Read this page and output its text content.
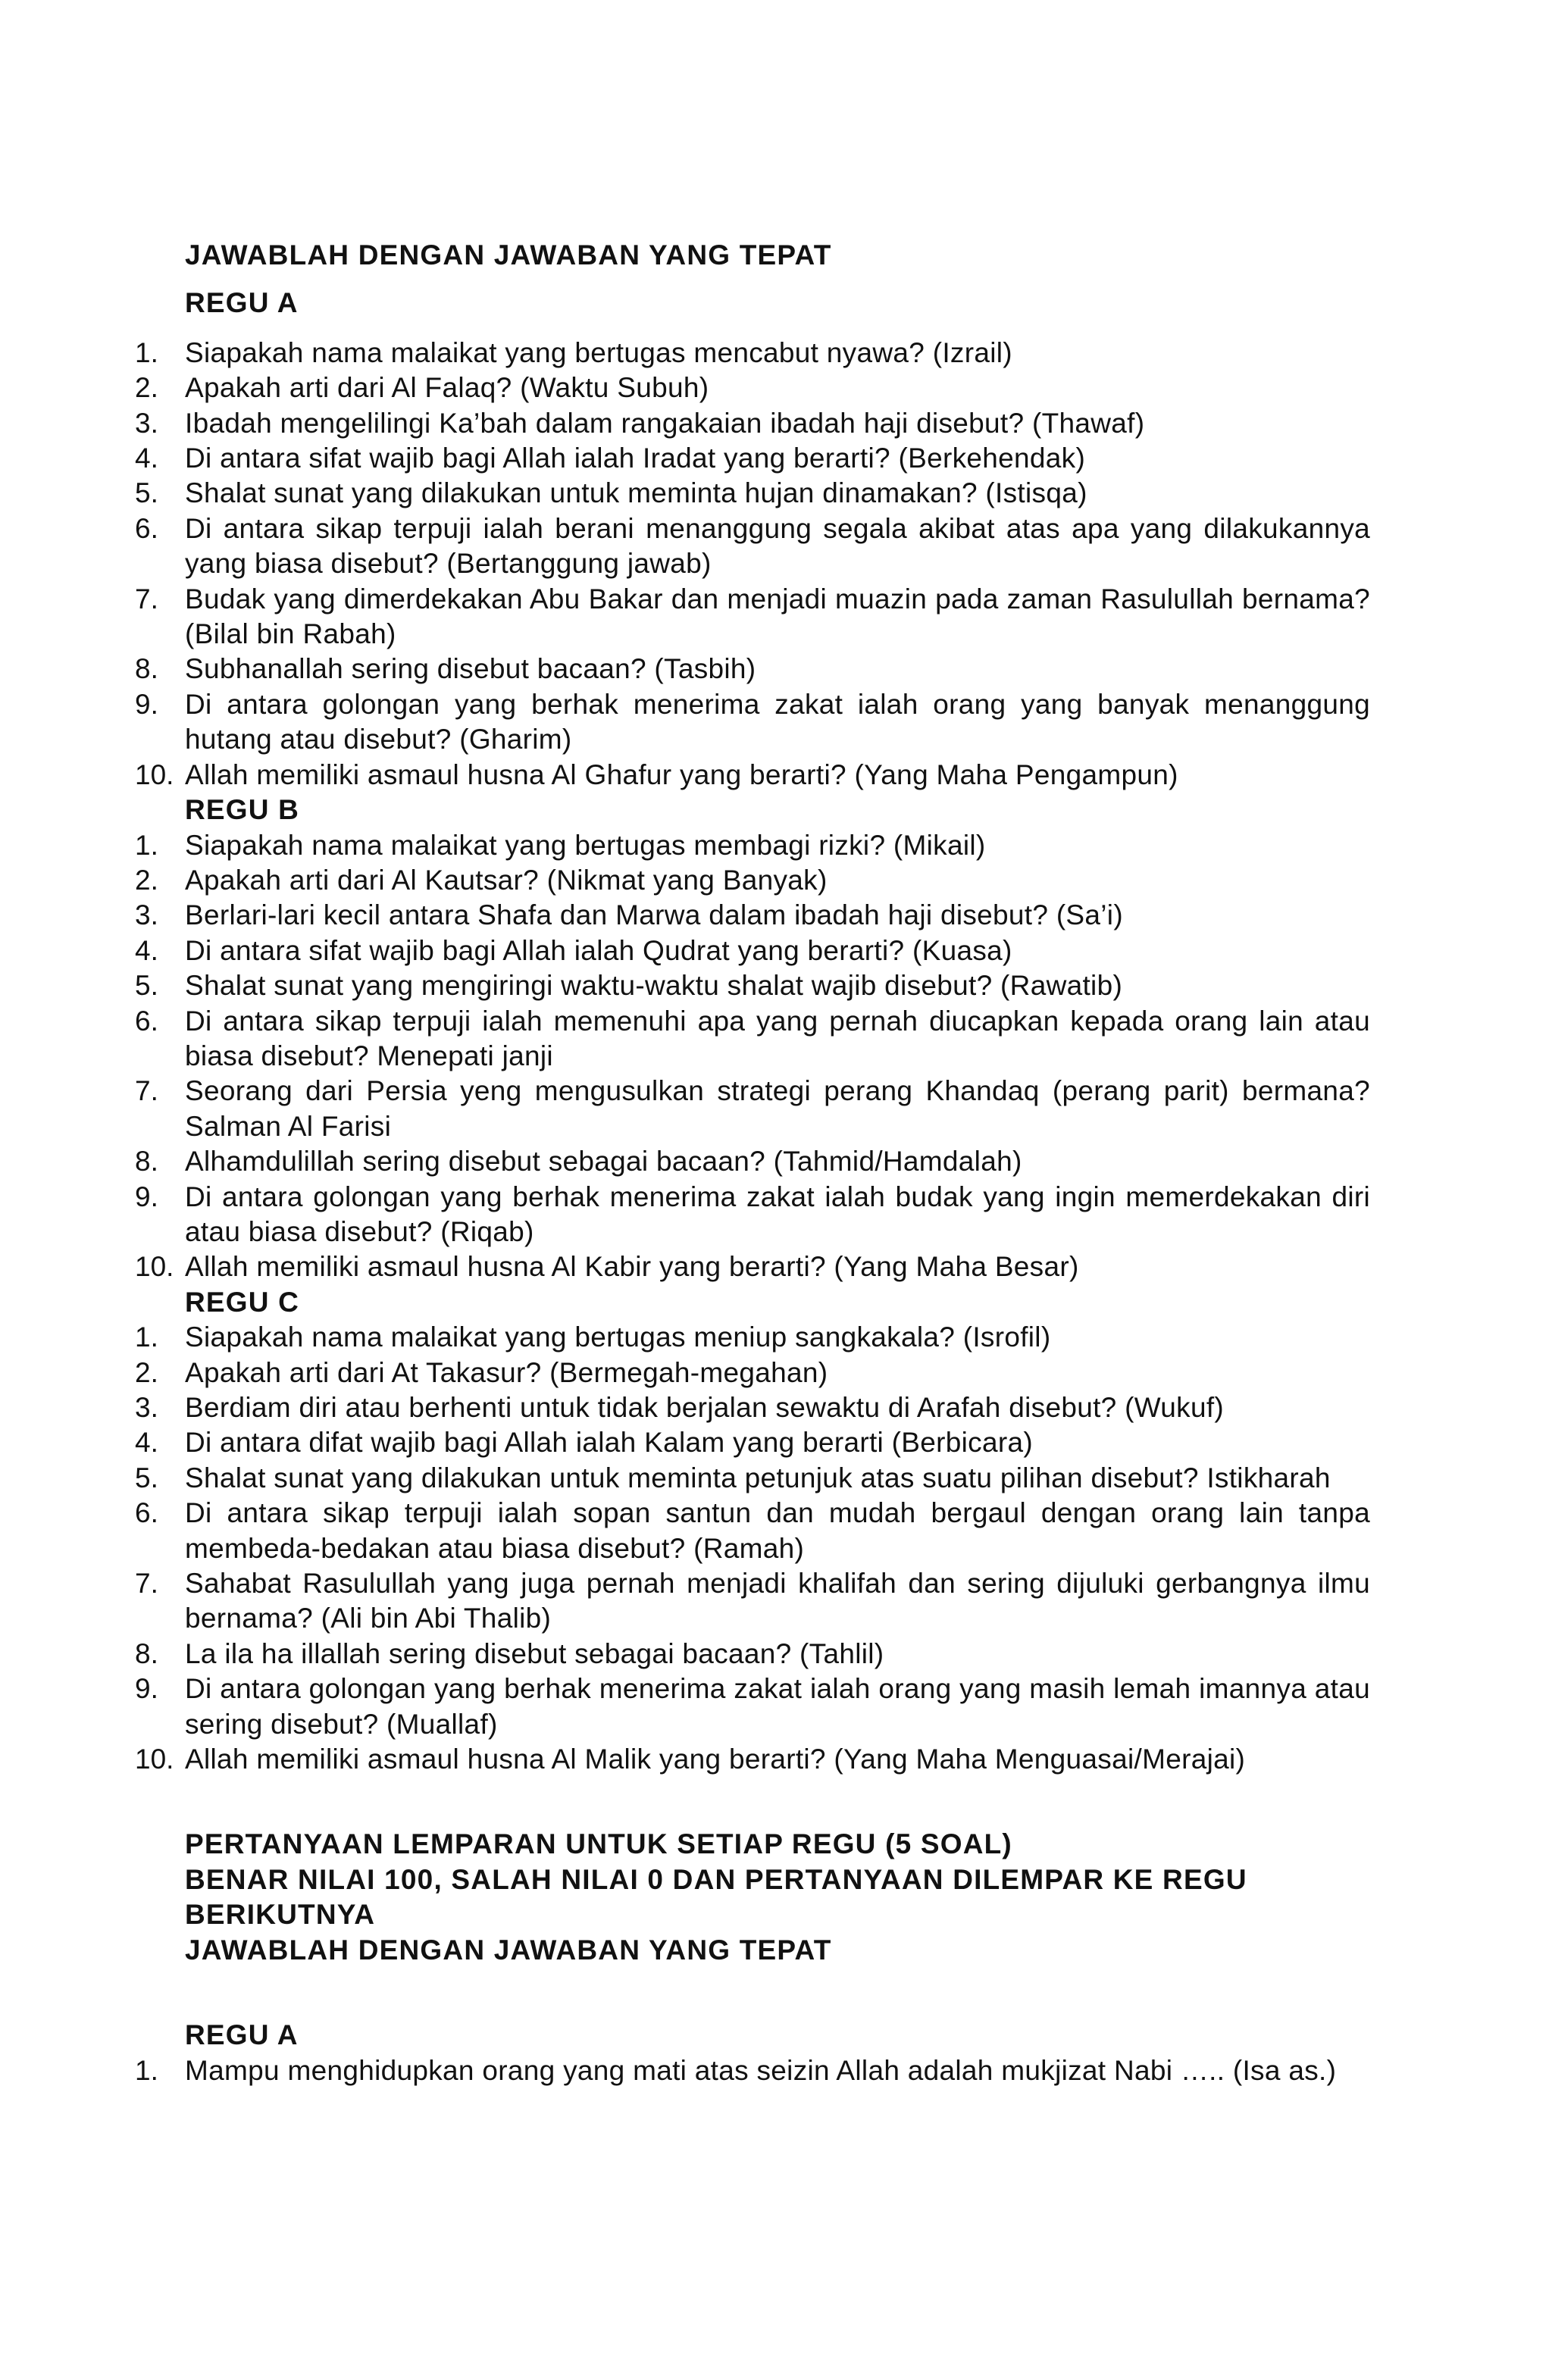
JAWABLAH DENGAN JAWABAN YANG TEPAT
REGU A
1. Siapakah nama malaikat yang bertugas mencabut nyawa? (Izrail)
2. Apakah arti dari Al Falaq? (Waktu Subuh)
3. Ibadah mengelilingi Ka’bah dalam rangakaian ibadah haji disebut? (Thawaf)
4. Di antara sifat wajib bagi Allah ialah Iradat yang berarti? (Berkehendak)
5. Shalat sunat yang dilakukan untuk meminta hujan dinamakan? (Istisqa)
6. Di antara sikap terpuji ialah berani menanggung segala akibat atas apa yang dilakukannya yang biasa disebut? (Bertanggung jawab)
7. Budak yang dimerdekakan Abu Bakar dan menjadi muazin pada zaman Rasulullah bernama? (Bilal bin Rabah)
8. Subhanallah sering disebut bacaan? (Tasbih)
9. Di antara golongan yang berhak menerima zakat ialah orang yang banyak menanggung hutang atau disebut? (Gharim)
10. Allah memiliki asmaul husna Al Ghafur yang berarti? (Yang Maha Pengampun)
REGU B
1. Siapakah nama malaikat yang bertugas membagi rizki? (Mikail)
2. Apakah arti dari Al Kautsar? (Nikmat yang Banyak)
3. Berlari-lari kecil antara Shafa dan Marwa dalam ibadah haji disebut? (Sa’i)
4. Di antara sifat wajib bagi Allah ialah Qudrat yang berarti? (Kuasa)
5. Shalat sunat yang mengiringi waktu-waktu shalat wajib disebut? (Rawatib)
6. Di antara sikap terpuji ialah memenuhi apa yang pernah diucapkan kepada orang lain atau biasa disebut? Menepati janji
7. Seorang dari Persia yeng mengusulkan strategi perang Khandaq (perang parit) bermana? Salman Al Farisi
8. Alhamdulillah sering disebut sebagai bacaan? (Tahmid/Hamdalah)
9. Di antara golongan yang berhak menerima zakat ialah budak yang ingin memerdekakan diri atau biasa disebut? (Riqab)
10. Allah memiliki asmaul husna Al Kabir yang berarti? (Yang Maha Besar)
REGU C
1. Siapakah nama malaikat yang bertugas meniup sangkakala? (Isrofil)
2. Apakah arti dari At Takasur? (Bermegah-megahan)
3. Berdiam diri atau berhenti untuk tidak berjalan sewaktu di Arafah disebut? (Wukuf)
4. Di antara difat wajib bagi Allah ialah Kalam yang berarti (Berbicara)
5. Shalat sunat yang dilakukan untuk meminta petunjuk atas suatu pilihan disebut? Istikharah
6. Di antara sikap terpuji ialah sopan santun dan mudah bergaul dengan orang lain tanpa membeda-bedakan atau biasa disebut? (Ramah)
7. Sahabat Rasulullah yang juga pernah menjadi khalifah dan sering dijuluki gerbangnya ilmu bernama? (Ali bin Abi Thalib)
8. La ila ha illallah sering disebut sebagai bacaan? (Tahlil)
9. Di antara golongan yang berhak menerima zakat ialah orang yang masih lemah imannya atau sering disebut? (Muallaf)
10. Allah memiliki asmaul husna Al Malik yang berarti? (Yang Maha Menguasai/Merajai)
PERTANYAAN LEMPARAN UNTUK SETIAP REGU (5 SOAL)
BENAR NILAI 100, SALAH NILAI 0 DAN PERTANYAAN DILEMPAR KE REGU BERIKUTNYA
JAWABLAH DENGAN JAWABAN YANG TEPAT
REGU A
1. Mampu menghidupkan orang yang mati atas seizin Allah adalah mukjizat Nabi ….. (Isa as.)
